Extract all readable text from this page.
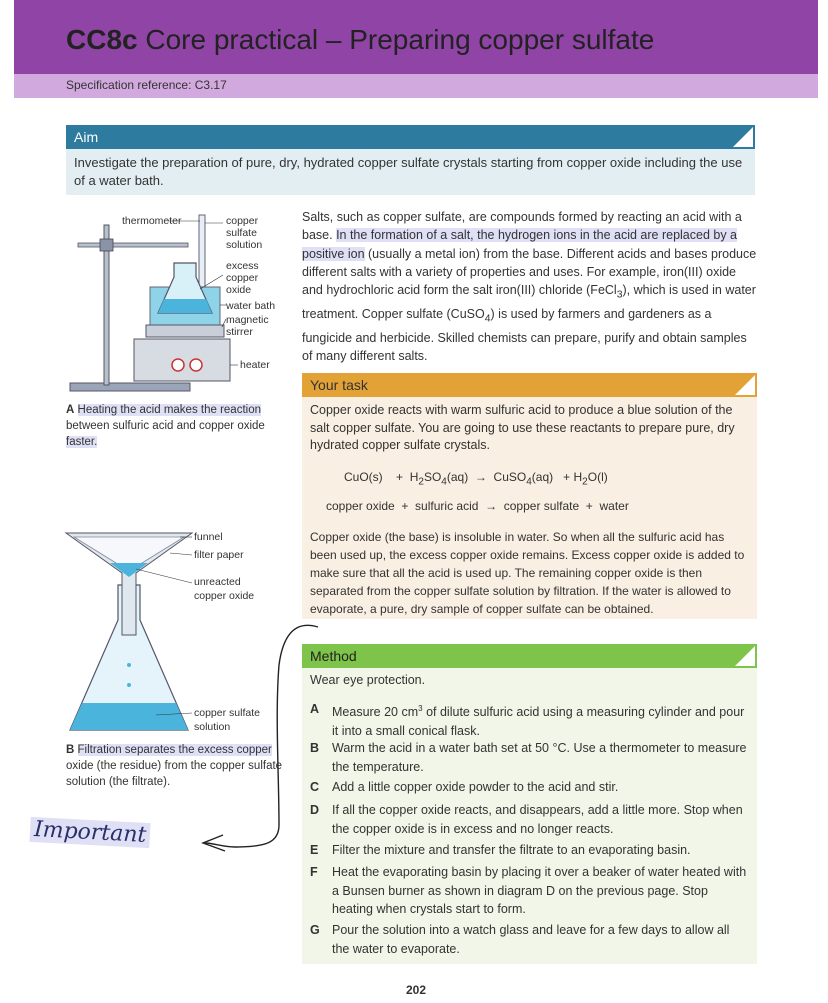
CC8c Core practical – Preparing copper sulfate
Specification reference: C3.17
Aim
Investigate the preparation of pure, dry, hydrated copper sulfate crystals starting from copper oxide including the use of a water bath.
thermometer	copper
sulfate
solution
excess
copper
oxide
water bath
magnetic
stirrer
heater
A Heating the acid makes the reaction between sulfuric acid and copper oxide faster.
Salts, such as copper sulfate, are compounds formed by reacting an acid with a base. In the formation of a salt, the hydrogen ions in the acid are replaced by a positive ion (usually a metal ion) from the base. Different acids and bases produce different salts with a variety of properties and uses. For example, iron(III) oxide and hydrochloric acid form the salt iron(III) chloride (FeCl$_3$), which is used in water treatment. Copper sulfate (CuSO$_4$) is used by farmers and gardeners as a fungicide and herbicide. Skilled chemists can prepare, purify and obtain samples of many different salts.
Your task
Copper oxide reacts with warm sulfuric acid to produce a blue solution of the salt copper sulfate. You are going to use these reactants to prepare pure, dry hydrated copper sulfate crystals.
$CuO(s) + H_2SO_4(aq)$ → CuSO$_4$(aq) + $H_2O(l)$
copper oxide  +  sulfuric acid  →  copper sulfate  +  water
Copper oxide (the base) is insoluble in water. So when all the sulfuric acid has been used up, the excess copper oxide remains. Excess copper oxide is added to make sure that all the acid is used up. The remaining copper oxide is then separated from the copper sulfate solution by filtration. If the water is allowed to evaporate, a pure, dry sample of copper sulfate can be obtained.
funnel
filter paper
unreacted
copper oxide
copper sulfate
solution
B Filtration separates the excess copper oxide (the residue) from the copper sulfate solution (the filtrate).
Important
Method
Wear eye protection.
A Measure 20 $cm^3$ of dilute sulfuric acid using a measuring cylinder and pour it into a small conical flask.
B Warm the acid in a water bath set at 50 °C. Use a thermometer to measure the temperature.
C Add a little copper oxide powder to the acid and stir.
D If all the copper oxide reacts, and disappears, add a little more. Stop when the copper oxide is in excess and no longer reacts.
E Filter the mixture and transfer the filtrate to an evaporating basin.
F Heat the evaporating basin by placing it over a beaker of water heated with a Bunsen burner as shown in diagram D on the previous page. Stop heating when crystals start to form.
G Pour the solution into a watch glass and leave for a few days to allow all the water to evaporate.
202
